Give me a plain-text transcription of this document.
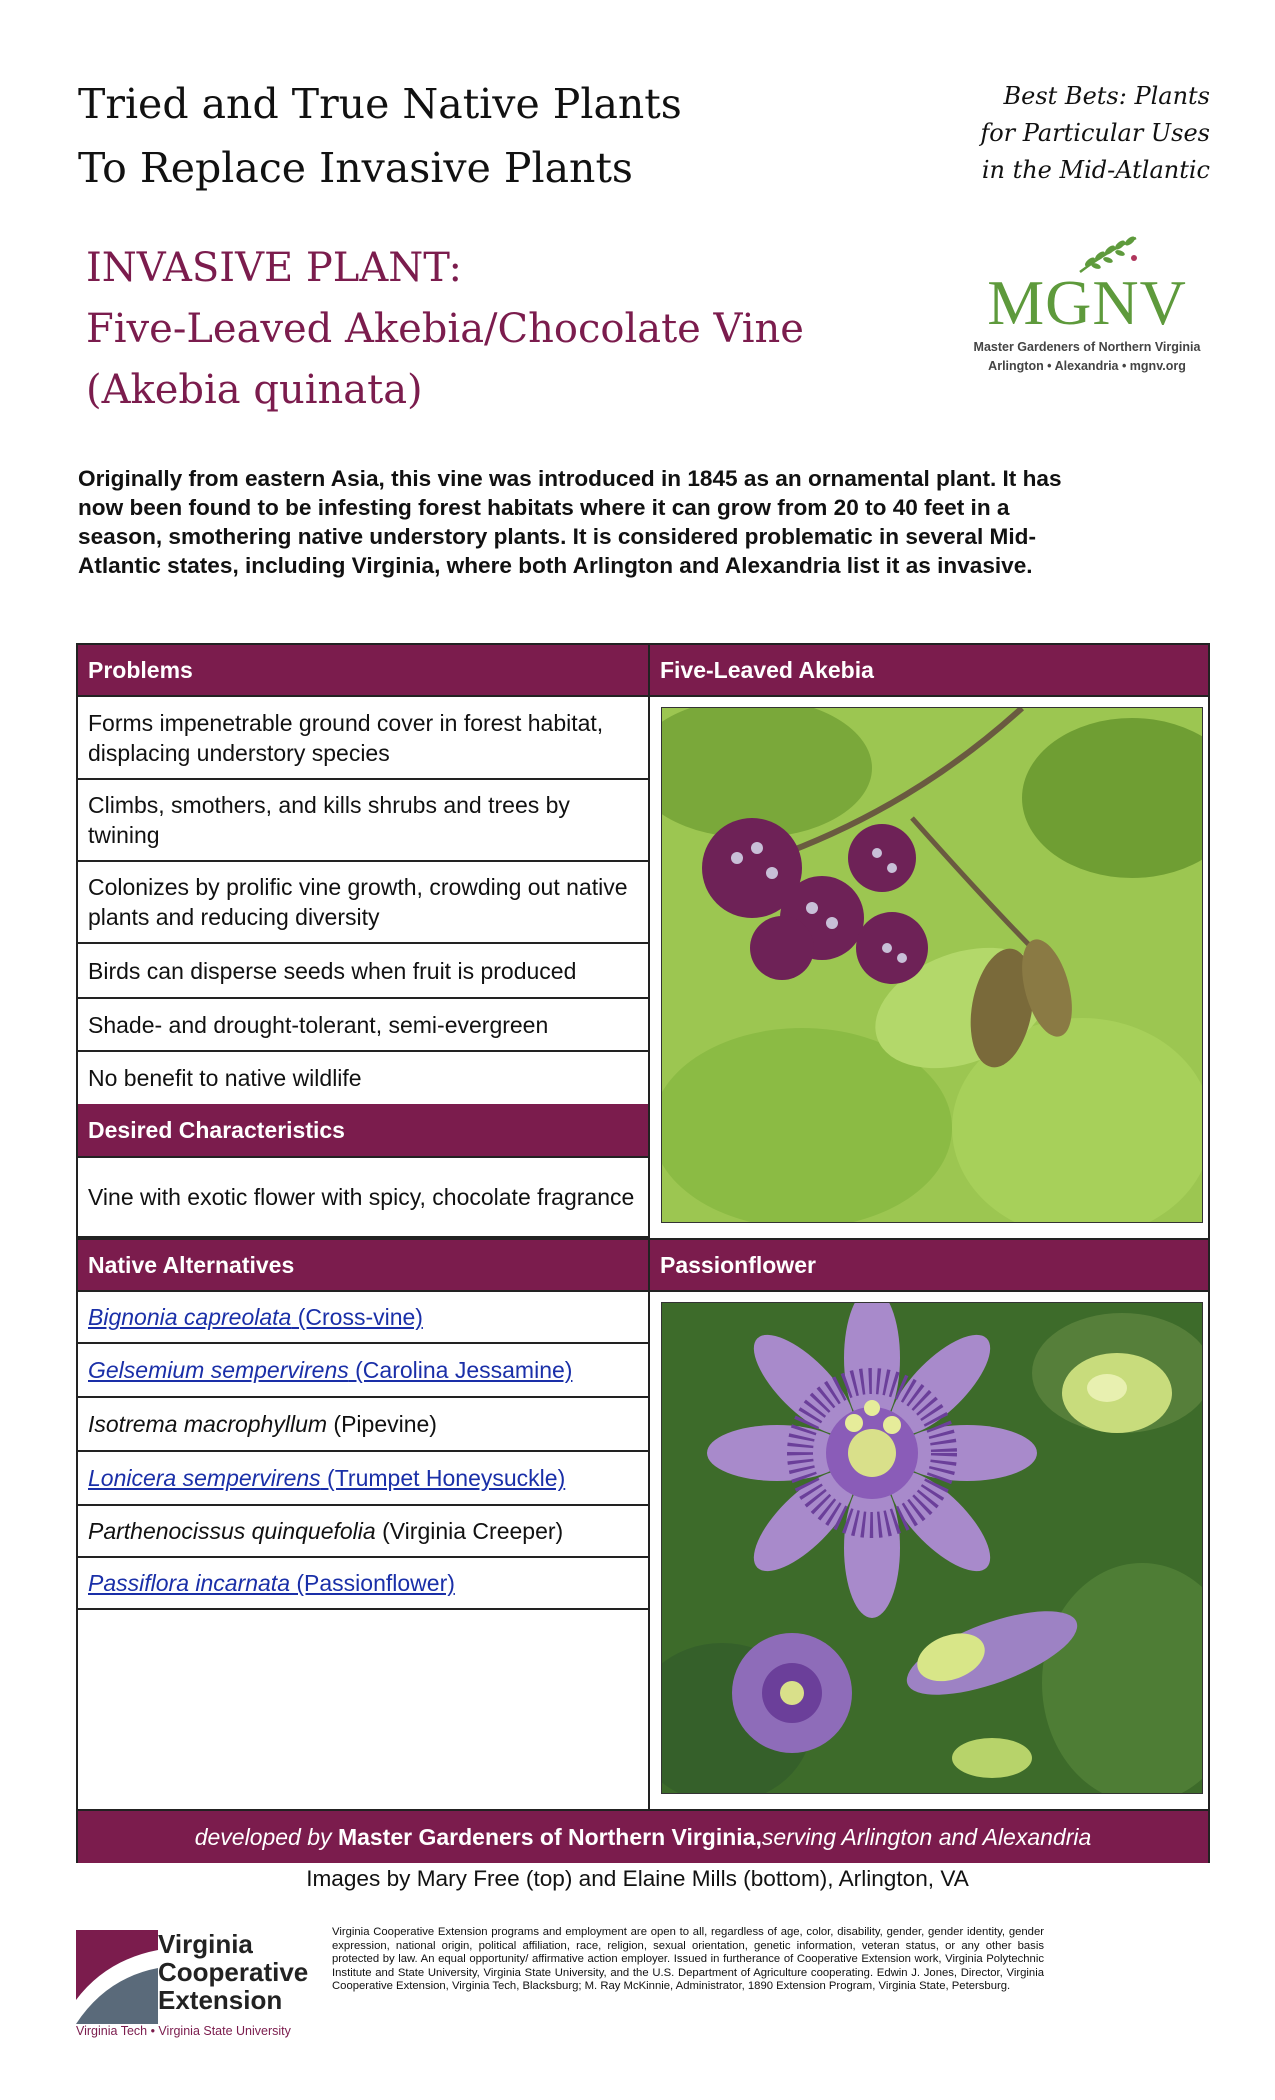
Tried and True Native Plants
To Replace Invasive Plants
Best Bets: Plants
for Particular Uses
in the Mid-Atlantic
INVASIVE PLANT:
Five-Leaved Akebia/Chocolate Vine
(Akebia quinata)
MGNV
Master Gardeners of Northern Virginia
Arlington • Alexandria • mgnv.org
Originally from eastern Asia, this vine was introduced in 1845 as an ornamental plant. It has now been found to be infesting forest habitats where it can grow from 20 to 40 feet in a season, smothering native understory plants. It is considered problematic in several Mid-Atlantic states, including Virginia, where both Arlington and Alexandria list it as invasive.
Problems	Five-Leaved Akebia
Forms impenetrable ground cover in forest habitat, displacing understory species
Climbs, smothers, and kills shrubs and trees by twining
Colonizes by prolific vine growth, crowding out native plants and reducing diversity
Birds can disperse seeds when fruit is produced
Shade- and drought-tolerant, semi-evergreen
No benefit to native wildlife
Desired Characteristics
Vine with exotic flower with spicy, chocolate fragrance
Native Alternatives	Passionflower
Bignonia capreolata (Cross-vine)
Gelsemium sempervirens (Carolina Jessamine)
Isotrema macrophyllum (Pipevine)
Lonicera sempervirens (Trumpet Honeysuckle)
Parthenocissus quinquefolia (Virginia Creeper)
Passiflora incarnata (Passionflower)
developed by
Master Gardeners of Northern Virginia, serving Arlington and Alexandria
Images by Mary Free (top) and Elaine Mills (bottom), Arlington, VA
Virginia
Cooperative
Extension
Virginia Tech • Virginia State University
Virginia Cooperative Extension programs and employment are open to all, regardless of age, color, disability, gender, gender identity, gender expression, national origin, political affiliation, race, religion, sexual orientation, genetic information, veteran status, or any other basis protected by law. An equal opportunity/ affirmative action employer. Issued in furtherance of Cooperative Extension work, Virginia Polytechnic Institute and State University, Virginia State University, and the U.S. Department of Agriculture cooperating. Edwin J. Jones, Director, Virginia Cooperative Extension, Virginia Tech, Blacksburg; M. Ray McKinnie, Administrator, 1890 Extension Program, Virginia State, Petersburg.
